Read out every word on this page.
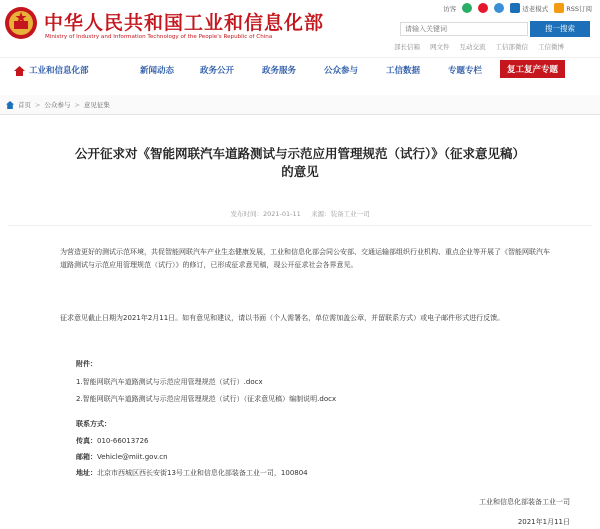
中华人民共和国工业和信息化部
Ministry of Industry and Information Technology of the People's Republic of China
访客	适老模式	RSS订阅
请输入关键词
搜一搜索
部长信箱 网文件 互动交流 工信部微信 工信微博
工业和信息化部	新闻动态	政务公开	政务服务	公众参与	工信数据	专题专栏	复工复产专题
首页 > 公众参与 > 意见征集
公开征求对《智能网联汽车道路测试与示范应用管理规范（试行）》（征求意见稿）
的意见
发布时间：2021-01-11 来源：装备工业一司
为营造更好的测试示范环境，共促智能网联汽车产业生态健康发展，工业和信息化部会同公安部、交通运输部组织行业机构、重点企业等开展了《智能网联汽车道路测试与示范应用管理规范（试行）》的修订，已形成征求意见稿，现公开征求社会各界意见。
征求意见截止日期为2021年2月11日。如有意见和建议，请以书面（个人需署名，单位需加盖公章，并留联系方式）或电子邮件形式进行反馈。
附件：
1.智能网联汽车道路测试与示范应用管理规范（试行）.docx
2.智能网联汽车道路测试与示范应用管理规范（试行）（征求意见稿）编制说明.docx
联系方式：
传真：010-66013726
邮箱：Vehicle@miit.gov.cn
地址：北京市西城区西长安街13号工业和信息化部装备工业一司，100804
工业和信息化部装备工业一司
2021年1月11日
